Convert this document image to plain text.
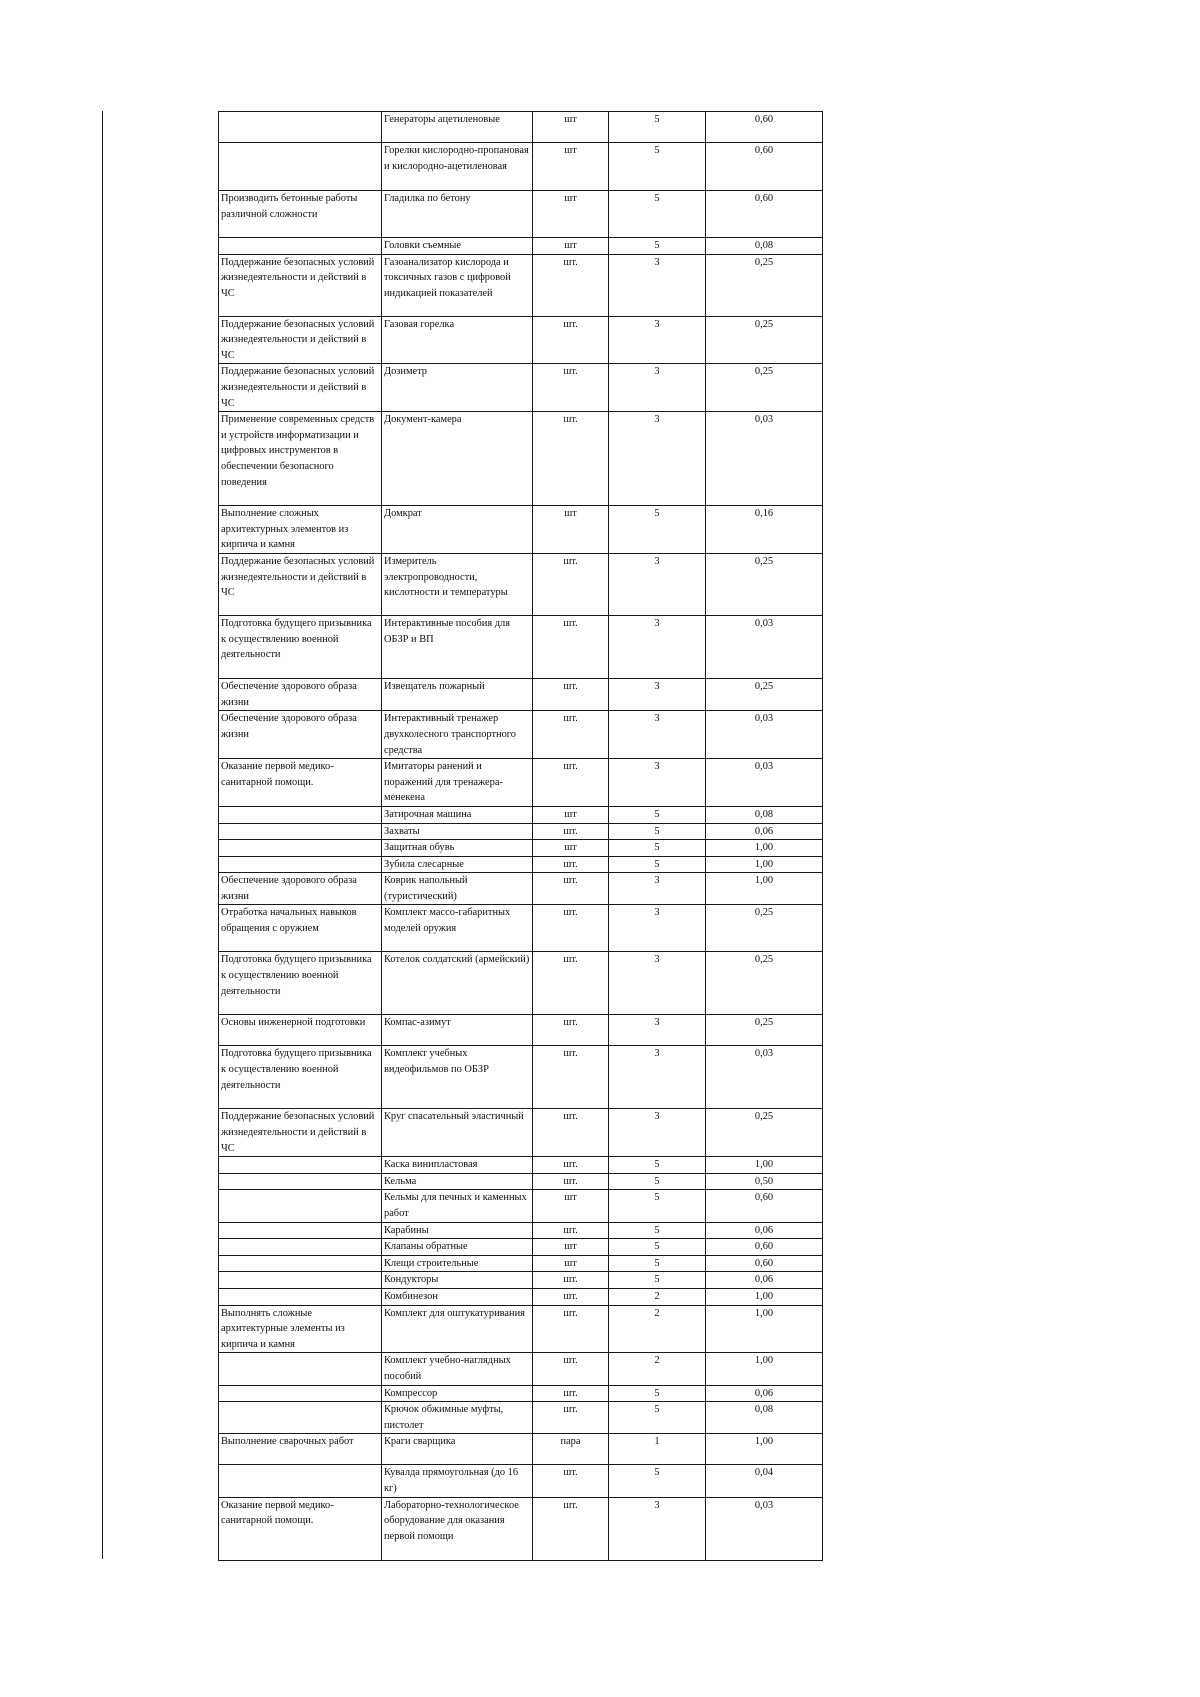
	Генераторы ацетиленовые	шт	5	0,60
	Горелки кислородно-пропановая и кислородно-ацетиленовая	шт	5	0,60
Производить бетонные работы различной сложности	Гладилка по бетону	шт	5	0,60
	Головки съемные	шт	5	0,08
Поддержание безопасных условий жизнедеятельности и действий в ЧС	Газоанализатор кислорода и токсичных газов с цифровой индикацией показателей	шт.	3	0,25
Поддержание безопасных условий жизнедеятельности и действий в ЧС	Газовая горелка	шт.	3	0,25
Поддержание безопасных условий жизнедеятельности и действий в ЧС	Дозиметр	шт.	3	0,25
Применение современных средств и устройств информатизации и цифровых инструментов в обеспечении безопасного поведения	Документ-камера	шт.	3	0,03
Выполнение сложных архитектурных элементов из кирпича и камня	Домкрат	шт	5	0,16
Поддержание безопасных условий жизнедеятельности и действий в ЧС	Измеритель электропроводности, кислотности и температуры	шт.	3	0,25
Подготовка будущего призывника к осуществлению военной деятельности	Интерактивные пособия для ОБЗР и ВП	шт.	3	0,03
Обеспечение здорового образа жизни	Извещатель пожарный	шт.	3	0,25
Обеспечение здорового образа жизни	Интерактивный тренажер двухколесного транспортного средства	шт.	3	0,03
Оказание первой медико-санитарной помощи.	Имитаторы ранений и поражений для тренажера-менекена	шт.	3	0,03
	Затирочная машина	шт	5	0,08
	Захваты	шт.	5	0,06
	Защитная обувь	шт	5	1,00
	Зубила слесарные	шт.	5	1,00
Обеспечение здорового образа жизни	Коврик напольный (туристический)	шт.	3	1,00
Отработка начальных навыков обращения с оружием	Комплект массо-габаритных моделей оружия	шт.	3	0,25
Подготовка будущего призывника к осуществлению военной деятельности	Котелок солдатский (армейский)	шт.	3	0,25
Основы инженерной подготовки	Компас-азимут	шт.	3	0,25
Подготовка будущего призывника к осуществлению военной деятельности	Комплект учебных видеофильмов по ОБЗР	шт.	3	0,03
Поддержание безопасных условий жизнедеятельности и действий в ЧС	Круг спасательный эластичный	шт.	3	0,25
	Каска винипластовая	шт.	5	1,00
	Кельма	шт.	5	0,50
	Кельмы для печных и каменных работ	шт	5	0,60
	Карабины	шт.	5	0,06
	Клапаны обратные	шт	5	0,60
	Клещи строительные	шт	5	0,60
	Кондукторы	шт.	5	0,06
	Комбинезон	шт.	2	1,00
Выполнять сложные архитектурные элементы из кирпича и камня	Комплект для оштукатуривания	шт.	2	1,00
	Комплект учебно-наглядных пособий	шт.	2	1,00
	Компрессор	шт.	5	0,06
	Крючок обжимные муфты, пистолет	шт.	5	0,08
Выполнение сварочных работ	Краги сварщика	пара	1	1,00
	Кувалда прямоугольная (до 16 кг)	шт.	5	0,04
Оказание первой медико-санитарной помощи.	Лабораторно-технологическое оборудование для оказания первой помощи	шт.	3	0,03
